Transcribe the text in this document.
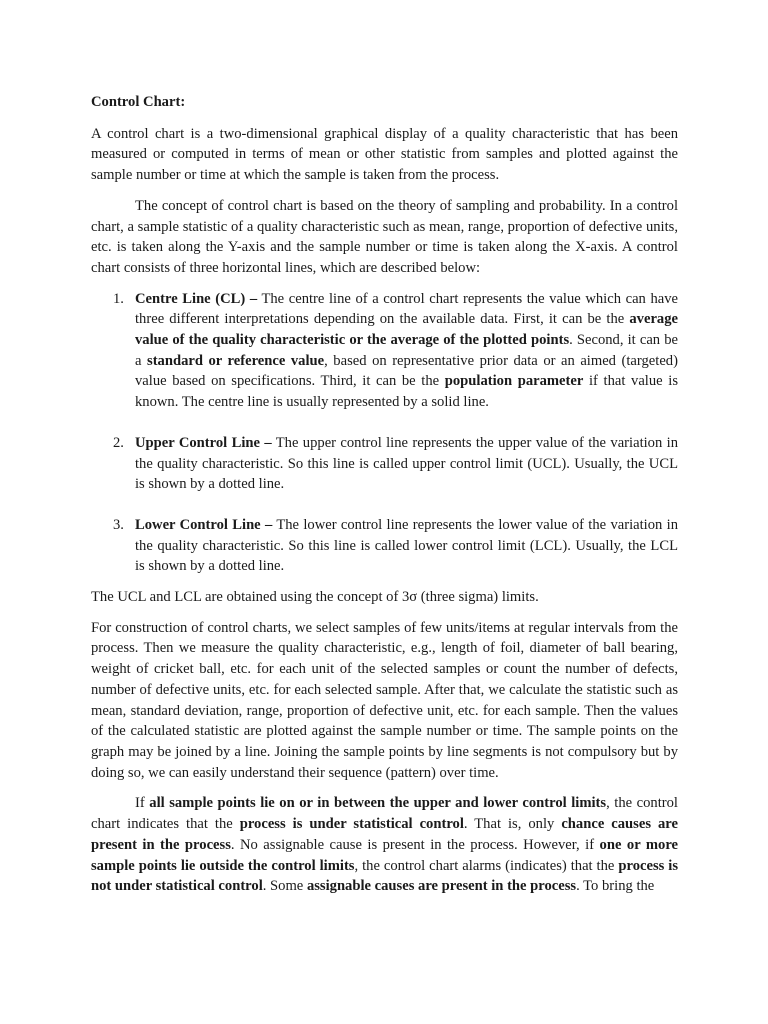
Control Chart:

A control chart is a two-dimensional graphical display of a quality characteristic that has been measured or computed in terms of mean or other statistic from samples and plotted against the sample number or time at which the sample is taken from the process.

The concept of control chart is based on the theory of sampling and probability. In a control chart, a sample statistic of a quality characteristic such as mean, range, proportion of defective units, etc. is taken along the Y-axis and the sample number or time is taken along the X-axis. A control chart consists of three horizontal lines, which are described below:

1. Centre Line (CL) – The centre line of a control chart represents the value which can have three different interpretations depending on the available data. First, it can be the average value of the quality characteristic or the average of the plotted points. Second, it can be a standard or reference value, based on representative prior data or an aimed (targeted) value based on specifications. Third, it can be the population parameter if that value is known. The centre line is usually represented by a solid line.
2. Upper Control Line – The upper control line represents the upper value of the variation in the quality characteristic. So this line is called upper control limit (UCL). Usually, the UCL is shown by a dotted line.
3. Lower Control Line – The lower control line represents the lower value of the variation in the quality characteristic. So this line is called lower control limit (LCL). Usually, the LCL is shown by a dotted line.

The UCL and LCL are obtained using the concept of 3σ (three sigma) limits.

For construction of control charts, we select samples of few units/items at regular intervals from the process. Then we measure the quality characteristic, e.g., length of foil, diameter of ball bearing, weight of cricket ball, etc. for each unit of the selected samples or count the number of defects, number of defective units, etc. for each selected sample. After that, we calculate the statistic such as mean, standard deviation, range, proportion of defective unit, etc. for each sample. Then the values of the calculated statistic are plotted against the sample number or time. The sample points on the graph may be joined by a line. Joining the sample points by line segments is not compulsory but by doing so, we can easily understand their sequence (pattern) over time.

If all sample points lie on or in between the upper and lower control limits, the control chart indicates that the process is under statistical control. That is, only chance causes are present in the process. No assignable cause is present in the process. However, if one or more sample points lie outside the control limits, the control chart alarms (indicates) that the process is not under statistical control. Some assignable causes are present in the process. To bring the
